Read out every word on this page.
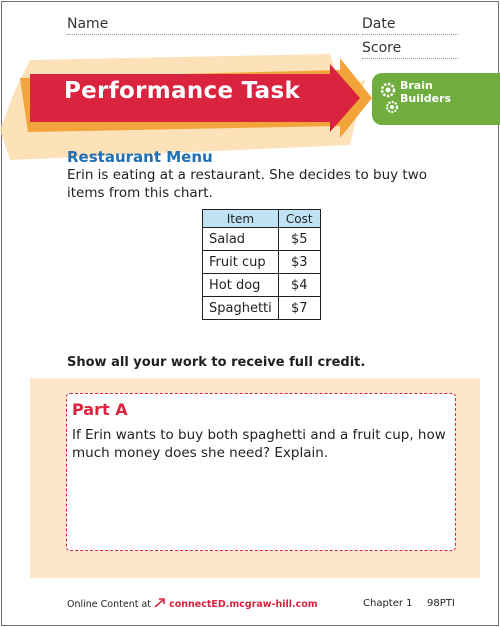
Name	Date
Score
Brain
Builders
Performance Task
Restaurant Menu
Erin is eating at a restaurant. She decides to buy two items from this chart.
Item	Cost
Salad	$5
Fruit cup	$3
Hot dog	$4
Spaghetti	$7
Show all your work to receive full credit.
Part A
If Erin wants to buy both spaghetti and a fruit cup, how much money does she need? Explain.
Online Content at connectED.mcgraw-hill.com	Chapter 1 98PTI
